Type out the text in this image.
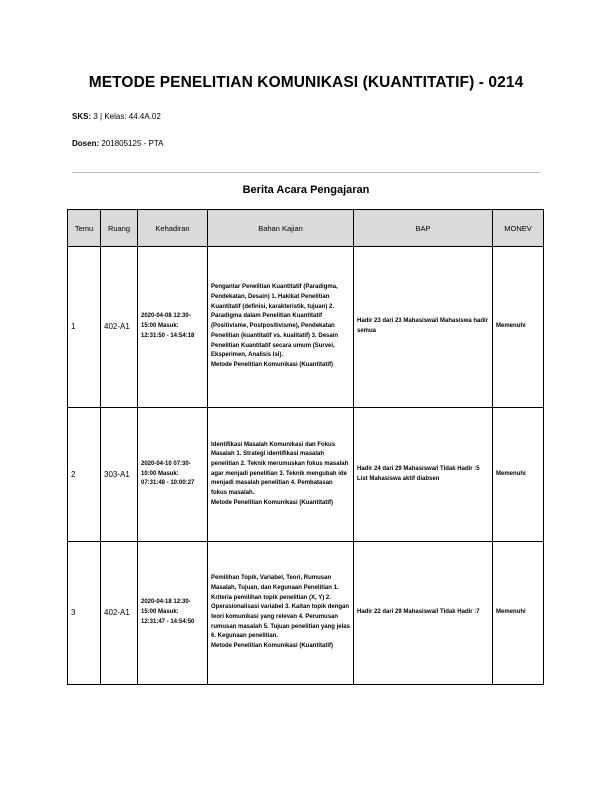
METODE PENELITIAN KOMUNIKASI (KUANTITATIF) - 0214
SKS: 3 | Kelas: 44.4A.02
Dosen: 201805125 - PTA
Berita Acara Pengajaran
Temu	Ruang	Kehadiran	Bahan Kajian	BAP	MONEV
1	402-A1	2020-04-08 12:30-15:00 Masuk: 12:31:50 - 14:54:18	Pengantar Penelitian Kuantitatif (Paradigma, Pendekatan, Desain) 1. Hakikat Penelitian Kuantitatif (definisi, karakteristik, tujuan) 2. Paradigma dalam Penelitian Kuantitatif (Positivisme, Postpositivisme), Pendekatan Penelitian (kuantitatif vs. kualitatif) 3. Desain Penelitian Kuantitatif secara umum (Survei, Eksperimen, Analisis Isi).
Metode Penelitian Komunikasi (Kuantitatif)	Hadir 23 dari 23 Mahasiswa/i Mahasiswa hadir semua	Memenuhi
2	303-A1	2020-04-10 07:30-10:00 Masuk: 07:31:48 - 10:00:27	Identifikasi Masalah Komunikasi dan Fokus Masalah 1. Strategi identifikasi masalah penelitian 2. Teknik merumuskan fokus masalah agar menjadi penelitian 3. Teknik mengubah ide menjadi masalah penelitian 4. Pembatasan fokus masalah.
Metode Penelitian Komunikasi (Kuantitatif)	Hadir 24 dari 29 Mahasiswa/i Tidak Hadir :5 List Mahasiswa aktif diabsen	Memenuhi
3	402-A1	2020-04-18 12:30-15:00 Masuk: 12:31:47 - 14:54:50	Pemilihan Topik, Variabel, Teori, Rumusan Masalah, Tujuan, dan Kegunaan Penelitian 1. Kriteria pemilihan topik penelitian (X, Y) 2. Operasionalisasi variabel 3. Kaitan topik dengan teori komunikasi yang relevan 4. Perumusan rumusan masalah 5. Tujuan penelitian yang jelas 6. Kegunaan penelitian.
Metode Penelitian Komunikasi (Kuantitatif)	Hadir 22 dari 29 Mahasiswa/i Tidak Hadir :7	Memenuhi
